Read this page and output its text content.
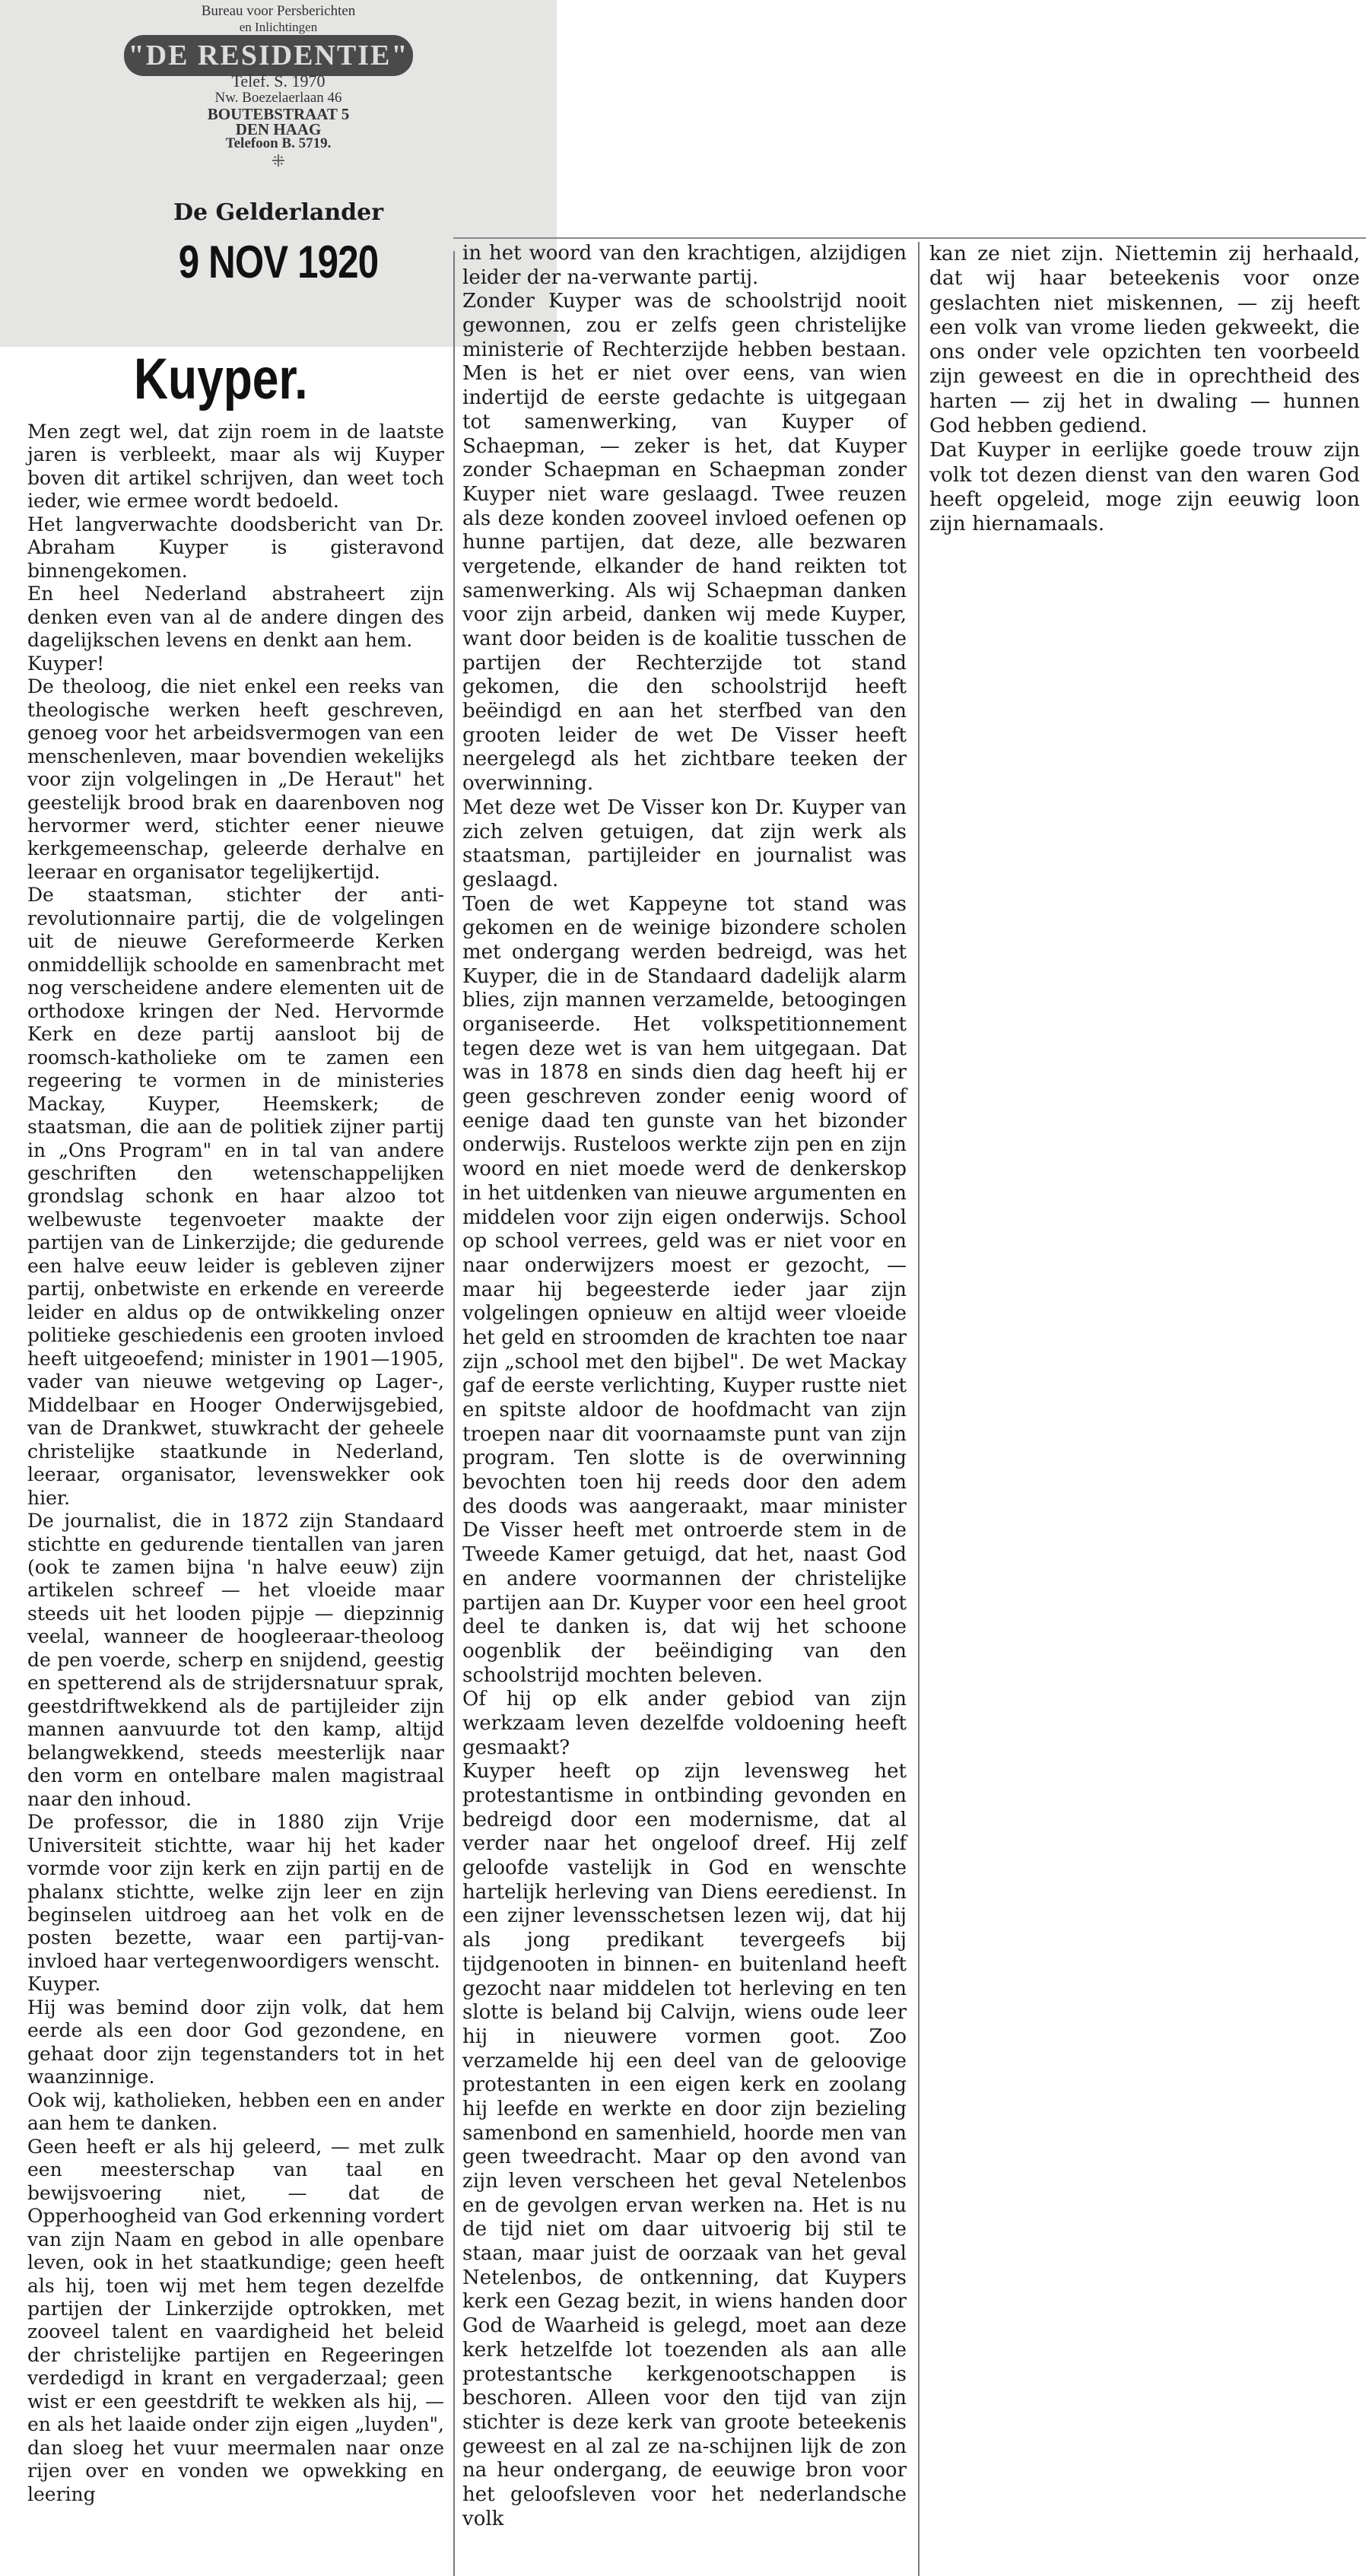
Bureau voor Persberichten
en Inlichtingen
"DE RESIDENTIE"
Telef. S. 1970
Nw. Boezelaerlaan 46
BOUTEBSTRAAT 5
DEN HAAG
Telefoon B. 5719.
⁜
De Gelderlander
9 NOV 1920
Kuyper.

Men zegt wel, dat zijn roem in de laatste jaren is verbleekt, maar als wij Kuyper boven dit artikel schrijven, dan weet toch ieder, wie ermee wordt bedoeld.

Het langverwachte doodsbericht van Dr. Abraham Kuyper is gisteravond binnengekomen.

En heel Nederland abstraheert zijn denken even van al de andere dingen des dagelijkschen levens en denkt aan hem.

Kuyper!

De theoloog, die niet enkel een reeks van theologische werken heeft geschreven, genoeg voor het arbeidsvermogen van een menschenleven, maar bovendien wekelijks voor zijn volgelingen in „De Heraut" het geestelijk brood brak en daarenboven nog hervormer werd, stichter eener nieuwe kerkgemeenschap, geleerde derhalve en leeraar en organisator tegelijkertijd.

De staatsman, stichter der anti-revolutionnaire partij, die de volgelingen uit de nieuwe Gereformeerde Kerken onmiddellijk schoolde en samenbracht met nog verscheidene andere elementen uit de orthodoxe kringen der Ned. Hervormde Kerk en deze partij aansloot bij de roomsch-katholieke om te zamen een regeering te vormen in de ministeries Mackay, Kuyper, Heemskerk; de staatsman, die aan de politiek zijner partij in „Ons Program" en in tal van andere geschriften den wetenschappelijken grondslag schonk en haar alzoo tot welbewuste tegenvoeter maakte der partijen van de Linkerzijde; die gedurende een halve eeuw leider is gebleven zijner partij, onbetwiste en erkende en vereerde leider en aldus op de ontwikkeling onzer politieke geschiedenis een grooten invloed heeft uitgeoefend; minister in 1901—1905, vader van nieuwe wetgeving op Lager-, Middelbaar en Hooger Onderwijsgebied, van de Drankwet, stuwkracht der geheele christelijke staatkunde in Nederland, leeraar, organisator, levenswekker ook hier.

De journalist, die in 1872 zijn Standaard stichtte en gedurende tientallen van jaren (ook te zamen bijna 'n halve eeuw) zijn artikelen schreef — het vloeide maar steeds uit het looden pijpje — diepzinnig veelal, wanneer de hoogleeraar-theoloog de pen voerde, scherp en snijdend, geestig en spetterend als de strijdersnatuur sprak, geestdriftwekkend als de partijleider zijn mannen aanvuurde tot den kamp, altijd belangwekkend, steeds meesterlijk naar den vorm en ontelbare malen magistraal naar den inhoud.

De professor, die in 1880 zijn Vrije Universiteit stichtte, waar hij het kader vormde voor zijn kerk en zijn partij en de phalanx stichtte, welke zijn leer en zijn beginselen uitdroeg aan het volk en de posten bezette, waar een partij-van-invloed haar vertegenwoordigers wenscht.

Kuyper.

Hij was bemind door zijn volk, dat hem eerde als een door God gezondene, en gehaat door zijn tegenstanders tot in het waanzinnige.

Ook wij, katholieken, hebben een en ander aan hem te danken.

Geen heeft er als hij geleerd, — met zulk een meesterschap van taal en bewijsvoering niet, — dat de Opperhoogheid van God erkenning vordert van zijn Naam en gebod in alle openbare leven, ook in het staatkundige; geen heeft als hij, toen wij met hem tegen dezelfde partijen der Linkerzijde optrokken, met zooveel talent en vaardigheid het beleid der christelijke partijen en Regeeringen verdedigd in krant en vergaderzaal; geen wist er een geestdrift te wekken als hij, — en als het laaide onder zijn eigen „luyden", dan sloeg het vuur meermalen naar onze rijen over en vonden we opwekking en leering

in het woord van den krachtigen, alzijdigen leider der na-verwante partij.

Zonder Kuyper was de schoolstrijd nooit gewonnen, zou er zelfs geen christelijke ministerie of Rechterzijde hebben bestaan. Men is het er niet over eens, van wien indertijd de eerste gedachte is uitgegaan tot samenwerking, van Kuyper of Schaepman, — zeker is het, dat Kuyper zonder Schaepman en Schaepman zonder Kuyper niet ware geslaagd. Twee reuzen als deze konden zooveel invloed oefenen op hunne partijen, dat deze, alle bezwaren vergetende, elkander de hand reikten tot samenwerking. Als wij Schaepman danken voor zijn arbeid, danken wij mede Kuyper, want door beiden is de koalitie tusschen de partijen der Rechterzijde tot stand gekomen, die den schoolstrijd heeft beëindigd en aan het sterfbed van den grooten leider de wet De Visser heeft neergelegd als het zichtbare teeken der overwinning.

Met deze wet De Visser kon Dr. Kuyper van zich zelven getuigen, dat zijn werk als staatsman, partijleider en journalist was geslaagd.

Toen de wet Kappeyne tot stand was gekomen en de weinige bizondere scholen met ondergang werden bedreigd, was het Kuyper, die in de Standaard dadelijk alarm blies, zijn mannen verzamelde, betoogingen organiseerde. Het volkspetitionnement tegen deze wet is van hem uitgegaan. Dat was in 1878 en sinds dien dag heeft hij er geen geschreven zonder eenig woord of eenige daad ten gunste van het bizonder onderwijs. Rusteloos werkte zijn pen en zijn woord en niet moede werd de denkerskop in het uitdenken van nieuwe argumenten en middelen voor zijn eigen onderwijs. School op school verrees, geld was er niet voor en naar onderwijzers moest er gezocht, — maar hij begeesterde ieder jaar zijn volgelingen opnieuw en altijd weer vloeide het geld en stroomden de krachten toe naar zijn „school met den bijbel". De wet Mackay gaf de eerste verlichting, Kuyper rustte niet en spitste aldoor de hoofdmacht van zijn troepen naar dit voornaamste punt van zijn program. Ten slotte is de overwinning bevochten toen hij reeds door den adem des doods was aangeraakt, maar minister De Visser heeft met ontroerde stem in de Tweede Kamer getuigd, dat het, naast God en andere voormannen der christelijke partijen aan Dr. Kuyper voor een heel groot deel te danken is, dat wij het schoone oogenblik der beëindiging van den schoolstrijd mochten beleven.

Of hij op elk ander gebiod van zijn werkzaam leven dezelfde voldoening heeft gesmaakt?

Kuyper heeft op zijn levensweg het protestantisme in ontbinding gevonden en bedreigd door een modernisme, dat al verder naar het ongeloof dreef. Hij zelf geloofde vastelijk in God en wenschte hartelijk herleving van Diens eeredienst. In een zijner levensschetsen lezen wij, dat hij als jong predikant tevergeefs bij tijdgenooten in binnen- en buitenland heeft gezocht naar middelen tot herleving en ten slotte is beland bij Calvijn, wiens oude leer hij in nieuwere vormen goot. Zoo verzamelde hij een deel van de geloovige protestanten in een eigen kerk en zoolang hij leefde en werkte en door zijn bezieling samenbond en samenhield, hoorde men van geen tweedracht. Maar op den avond van zijn leven verscheen het geval Netelenbos en de gevolgen ervan werken na. Het is nu de tijd niet om daar uitvoerig bij stil te staan, maar juist de oorzaak van het geval Netelenbos, de ontkenning, dat Kuypers kerk een Gezag bezit, in wiens handen door God de Waarheid is gelegd, moet aan deze kerk hetzelfde lot toezenden als aan alle protestantsche kerkgenootschappen is beschoren. Alleen voor den tijd van zijn stichter is deze kerk van groote beteekenis geweest en al zal ze na-schijnen lijk de zon na heur ondergang, de eeuwige bron voor het geloofsleven voor het nederlandsche volk

kan ze niet zijn. Niettemin zij herhaald, dat wij haar beteekenis voor onze geslachten niet miskennen, — zij heeft een volk van vrome lieden gekweekt, die ons onder vele opzichten ten voorbeeld zijn geweest en die in oprechtheid des harten — zij het in dwaling — hunnen God hebben gediend.

Dat Kuyper in eerlijke goede trouw zijn volk tot dezen dienst van den waren God heeft opgeleid, moge zijn eeuwig loon zijn hiernamaals.
